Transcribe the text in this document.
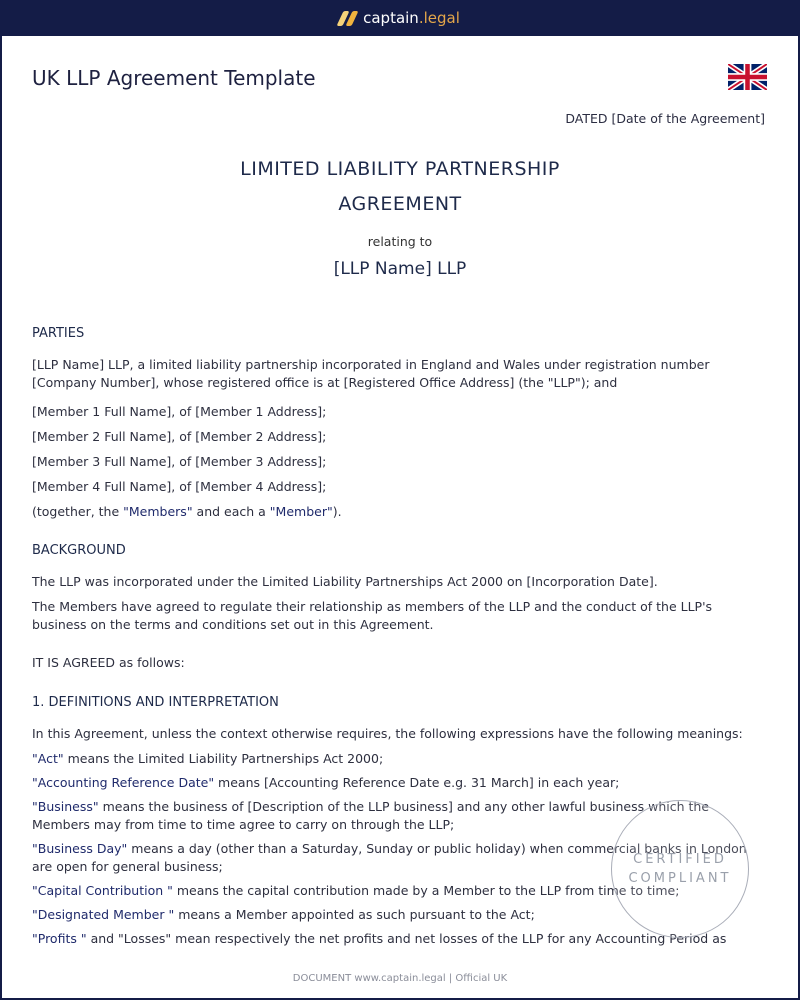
captain.legal
UK LLP Agreement Template
DATED [Date of the Agreement]
LIMITED LIABILITY PARTNERSHIP
AGREEMENT
relating to
[LLP Name] LLP
PARTIES
[LLP Name] LLP, a limited liability partnership incorporated in England and Wales under registration number [Company Number], whose registered office is at [Registered Office Address] (the "LLP"); and
[Member 1 Full Name], of [Member 1 Address];
[Member 2 Full Name], of [Member 2 Address];
[Member 3 Full Name], of [Member 3 Address];
[Member 4 Full Name], of [Member 4 Address];
(together, the "Members" and each a "Member").
BACKGROUND
The LLP was incorporated under the Limited Liability Partnerships Act 2000 on [Incorporation Date].
The Members have agreed to regulate their relationship as members of the LLP and the conduct of the LLP's business on the terms and conditions set out in this Agreement.
IT IS AGREED as follows:
1. DEFINITIONS AND INTERPRETATION
In this Agreement, unless the context otherwise requires, the following expressions have the following meanings:
"Act" means the Limited Liability Partnerships Act 2000;
"Accounting Reference Date" means [Accounting Reference Date e.g. 31 March] in each year;
"Business" means the business of [Description of the LLP business] and any other lawful business which the Members may from time to time agree to carry on through the LLP;
"Business Day" means a day (other than a Saturday, Sunday or public holiday) when commercial banks in London are open for general business;
"Capital Contribution " means the capital contribution made by a Member to the LLP from time to time;
"Designated Member " means a Member appointed as such pursuant to the Act;
"Profits " and "Losses" mean respectively the net profits and net losses of the LLP for any Accounting Period as
CERTIFIED
COMPLIANT
DOCUMENT www.captain.legal | Official UK
